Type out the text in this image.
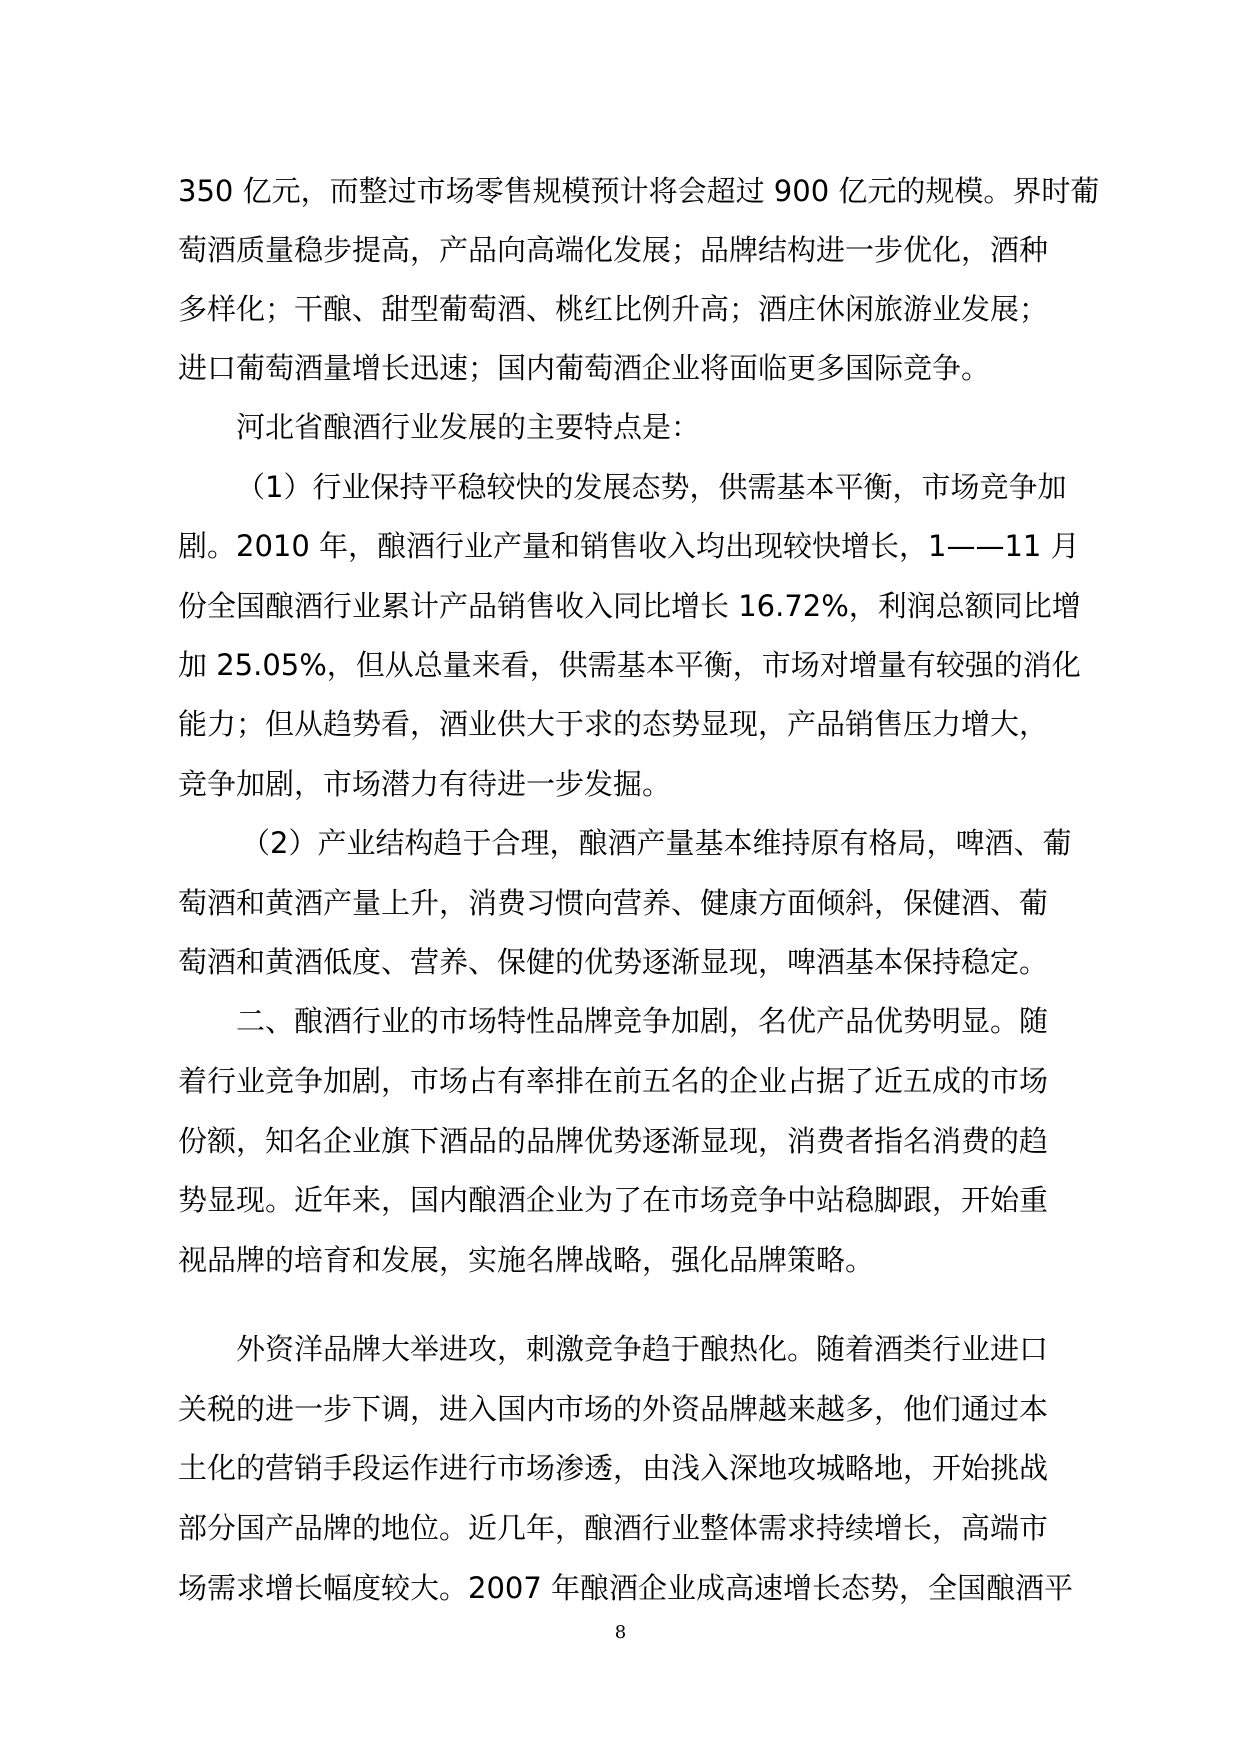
350 亿元，而整过市场零售规模预计将会超过 900 亿元的规模。界时葡
萄酒质量稳步提高，产品向高端化发展；品牌结构进一步优化，酒种
多样化；干酿、甜型葡萄酒、桃红比例升高；酒庄休闲旅游业发展；
进口葡萄酒量增长迅速；国内葡萄酒企业将面临更多国际竞争。
河北省酿酒行业发展的主要特点是：
（1）行业保持平稳较快的发展态势，供需基本平衡，市场竞争加
剧。2010 年，酿酒行业产量和销售收入均出现较快增长，1——11 月
份全国酿酒行业累计产品销售收入同比增长 16.72%，利润总额同比增
加 25.05%，但从总量来看，供需基本平衡，市场对增量有较强的消化
能力；但从趋势看，酒业供大于求的态势显现，产品销售压力增大，
竞争加剧，市场潜力有待进一步发掘。
（2）产业结构趋于合理，酿酒产量基本维持原有格局，啤酒、葡
萄酒和黄酒产量上升，消费习惯向营养、健康方面倾斜，保健酒、葡
萄酒和黄酒低度、营养、保健的优势逐渐显现，啤酒基本保持稳定。
二、酿酒行业的市场特性品牌竞争加剧，名优产品优势明显。随
着行业竞争加剧，市场占有率排在前五名的企业占据了近五成的市场
份额，知名企业旗下酒品的品牌优势逐渐显现，消费者指名消费的趋
势显现。近年来，国内酿酒企业为了在市场竞争中站稳脚跟，开始重
视品牌的培育和发展，实施名牌战略，强化品牌策略。
外资洋品牌大举进攻，刺激竞争趋于酿热化。随着酒类行业进口
关税的进一步下调，进入国内市场的外资品牌越来越多，他们通过本
土化的营销手段运作进行市场渗透，由浅入深地攻城略地，开始挑战
部分国产品牌的地位。近几年，酿酒行业整体需求持续增长，高端市
场需求增长幅度较大。2007 年酿酒企业成高速增长态势，全国酿酒平
8
